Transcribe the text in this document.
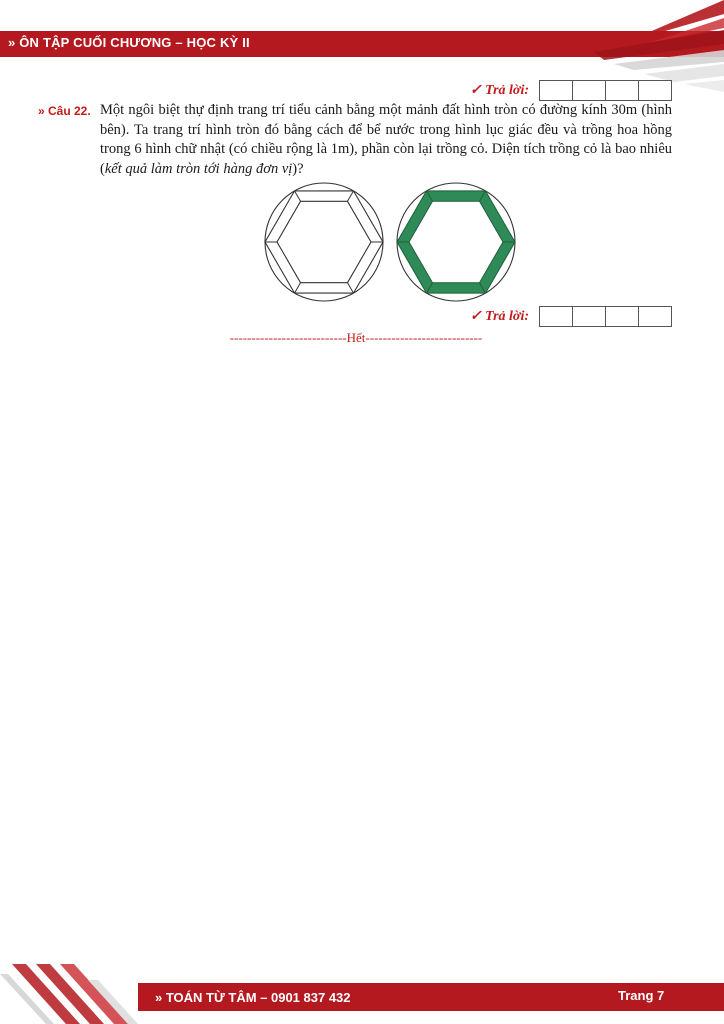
» ÔN TẬP CUỐI CHƯƠNG – HỌC KỲ II
✓ Trả lời:
» Câu 22. Một ngôi biệt thự định trang trí tiểu cảnh bằng một mảnh đất hình tròn có đường kính 30m (hình bên). Ta trang trí hình tròn đó bằng cách để bể nước trong hình lục giác đều và trồng hoa hồng trong 6 hình chữ nhật (có chiều rộng là 1m), phần còn lại trồng cỏ. Diện tích trồng cỏ là bao nhiêu (kết quả làm tròn tới hàng đơn vị)?
✓ Trả lời:
---------------------------Hết---------------------------
» TOÁN TỪ TÂM – 0901 837 432	Trang 7
